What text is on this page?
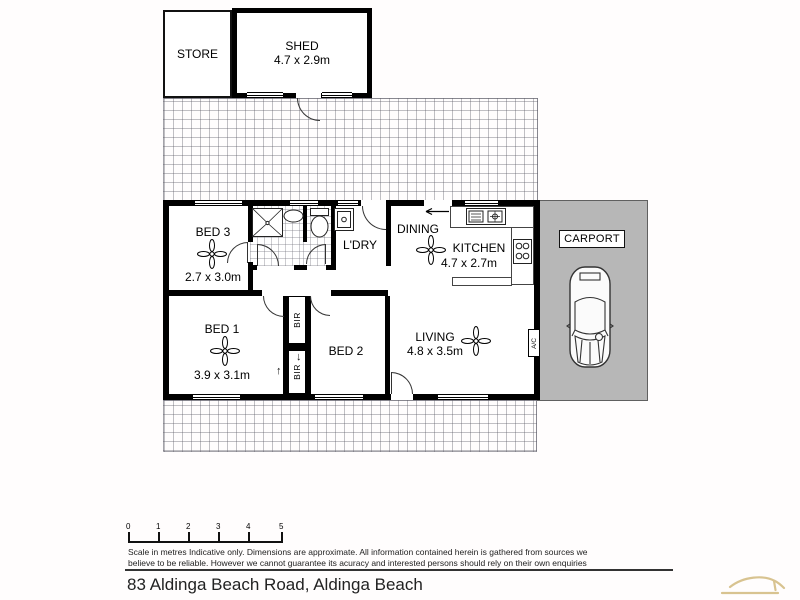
STORE
SHED
4.7 x 2.9m
CARPORT
BIR
BIR
↑
↓
A/C
BED 3
2.7 x 3.0m
L'DRY
DINING
KITCHEN
4.7 x 2.7m
BED 1
3.9 x 3.1m
BED 2
LIVING
4.8 x 3.5m
0	1	2	3	4	5
Scale in metres Indicative only. Dimensions are approximate. All information contained herein is gathered from sources we
believe to be reliable. However we cannot guarantee its acuracy and interested persons should rely on their own enquiries
83 Aldinga Beach Road, Aldinga Beach
